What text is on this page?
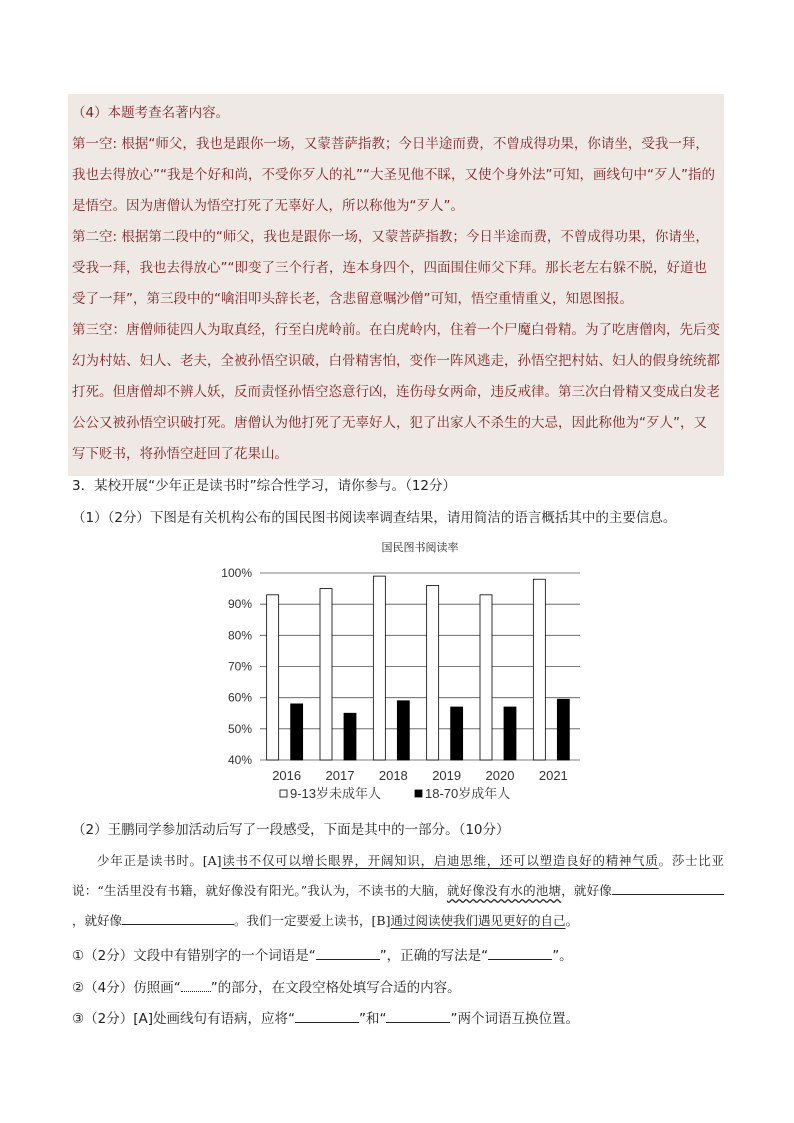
（4）本题考查名著内容。

第一空: 根据“师父，我也是跟你一场，又蒙菩萨指教；今日半途而费，不曾成得功果，你请坐，受我一拜，我也去得放心”“我是个好和尚，不受你歹人的礼”“大圣见他不睬，又使个身外法”可知，画线句中“歹人”指的是悟空。因为唐僧认为悟空打死了无辜好人，所以称他为“歹人”。

第二空: 根据第二段中的“师父，我也是跟你一场，又蒙菩萨指教；今日半途而费，不曾成得功果，你请坐，受我一拜，我也去得放心”“即变了三个行者，连本身四个，四面围住师父下拜。那长老左右躲不脱，好道也受了一拜”，第三段中的“噙泪叩头辞长老，含悲留意嘱沙僧”可知，悟空重情重义，知恩图报。

第三空：唐僧师徒四人为取真经，行至白虎岭前。在白虎岭内，住着一个尸魔白骨精。为了吃唐僧肉，先后变幻为村姑、妇人、老夫，全被孙悟空识破，白骨精害怕，变作一阵风逃走，孙悟空把村姑、妇人的假身统统都打死。但唐僧却不辨人妖，反而责怪孙悟空恣意行凶，连伤母女两命，违反戒律。第三次白骨精又变成白发老公公又被孙悟空识破打死。唐僧认为他打死了无辜好人，犯了出家人不杀生的大忌，因此称他为“歹人”，又写下贬书，将孙悟空赶回了花果山。

3．某校开展“少年正是读书时”综合性学习，请你参与。（12分）
（1）（2分）下图是有关机构公布的国民图书阅读率调查结果，请用简洁的语言概括其中的主要信息。
国民图书阅读率
40%
50%
60%
70%
80%
90%
100%
2016 2017 2018 2019 2020 2021
9-13岁未成年人	18-70岁成年人
（2）王鹏同学参加活动后写了一段感受，下面是其中的一部分。（10分）

少年正是读书时。[A]读书不仅可以增长眼界，开阔知识，启迪思维，还可以塑造良好的精神气质。莎士比亚说：“生活里没有书籍，就好像没有阳光。”我认为，不读书的大脑，就好像没有水的池塘，就好像，就好像	。我们一定要爱上读书，[B]通过阅读使我们遇见更好的自己。

①（2分）文段中有错别字的一个词语是“	”，正确的写法是“	”。
②（4分）仿照画“ ”的部分，在文段空格处填写合适的内容。
③（2分）[A]处画线句有语病，应将“	”和“	”两个词语互换位置。
